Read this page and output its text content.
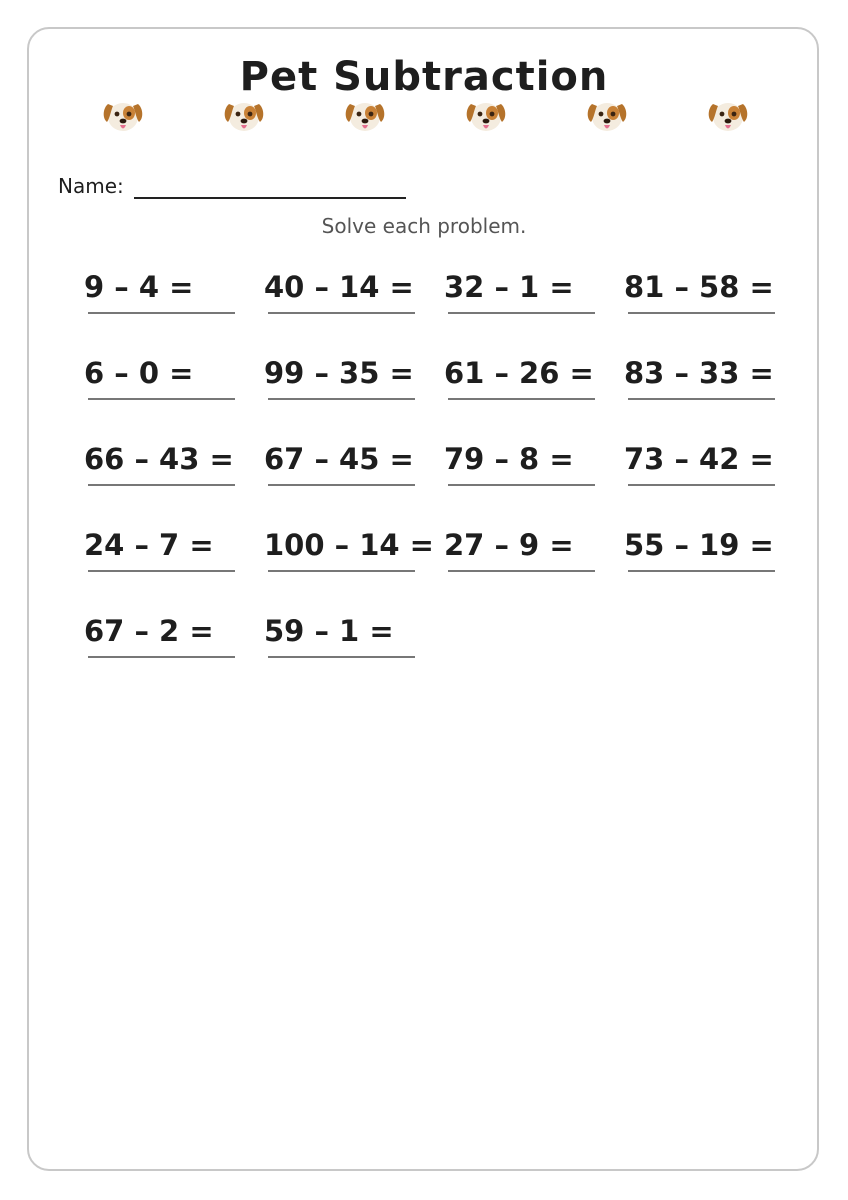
Pet Subtraction
Name:
Solve each problem.
9 – 4 = 40 – 14 = 32 – 1 = 81 – 58 =
6 – 0 = 99 – 35 = 61 – 26 = 83 – 33 =
66 – 43 = 67 – 45 = 79 – 8 = 73 – 42 =
24 – 7 = 100 – 14 = 27 – 9 = 55 – 19 =
67 – 2 = 59 – 1 =
